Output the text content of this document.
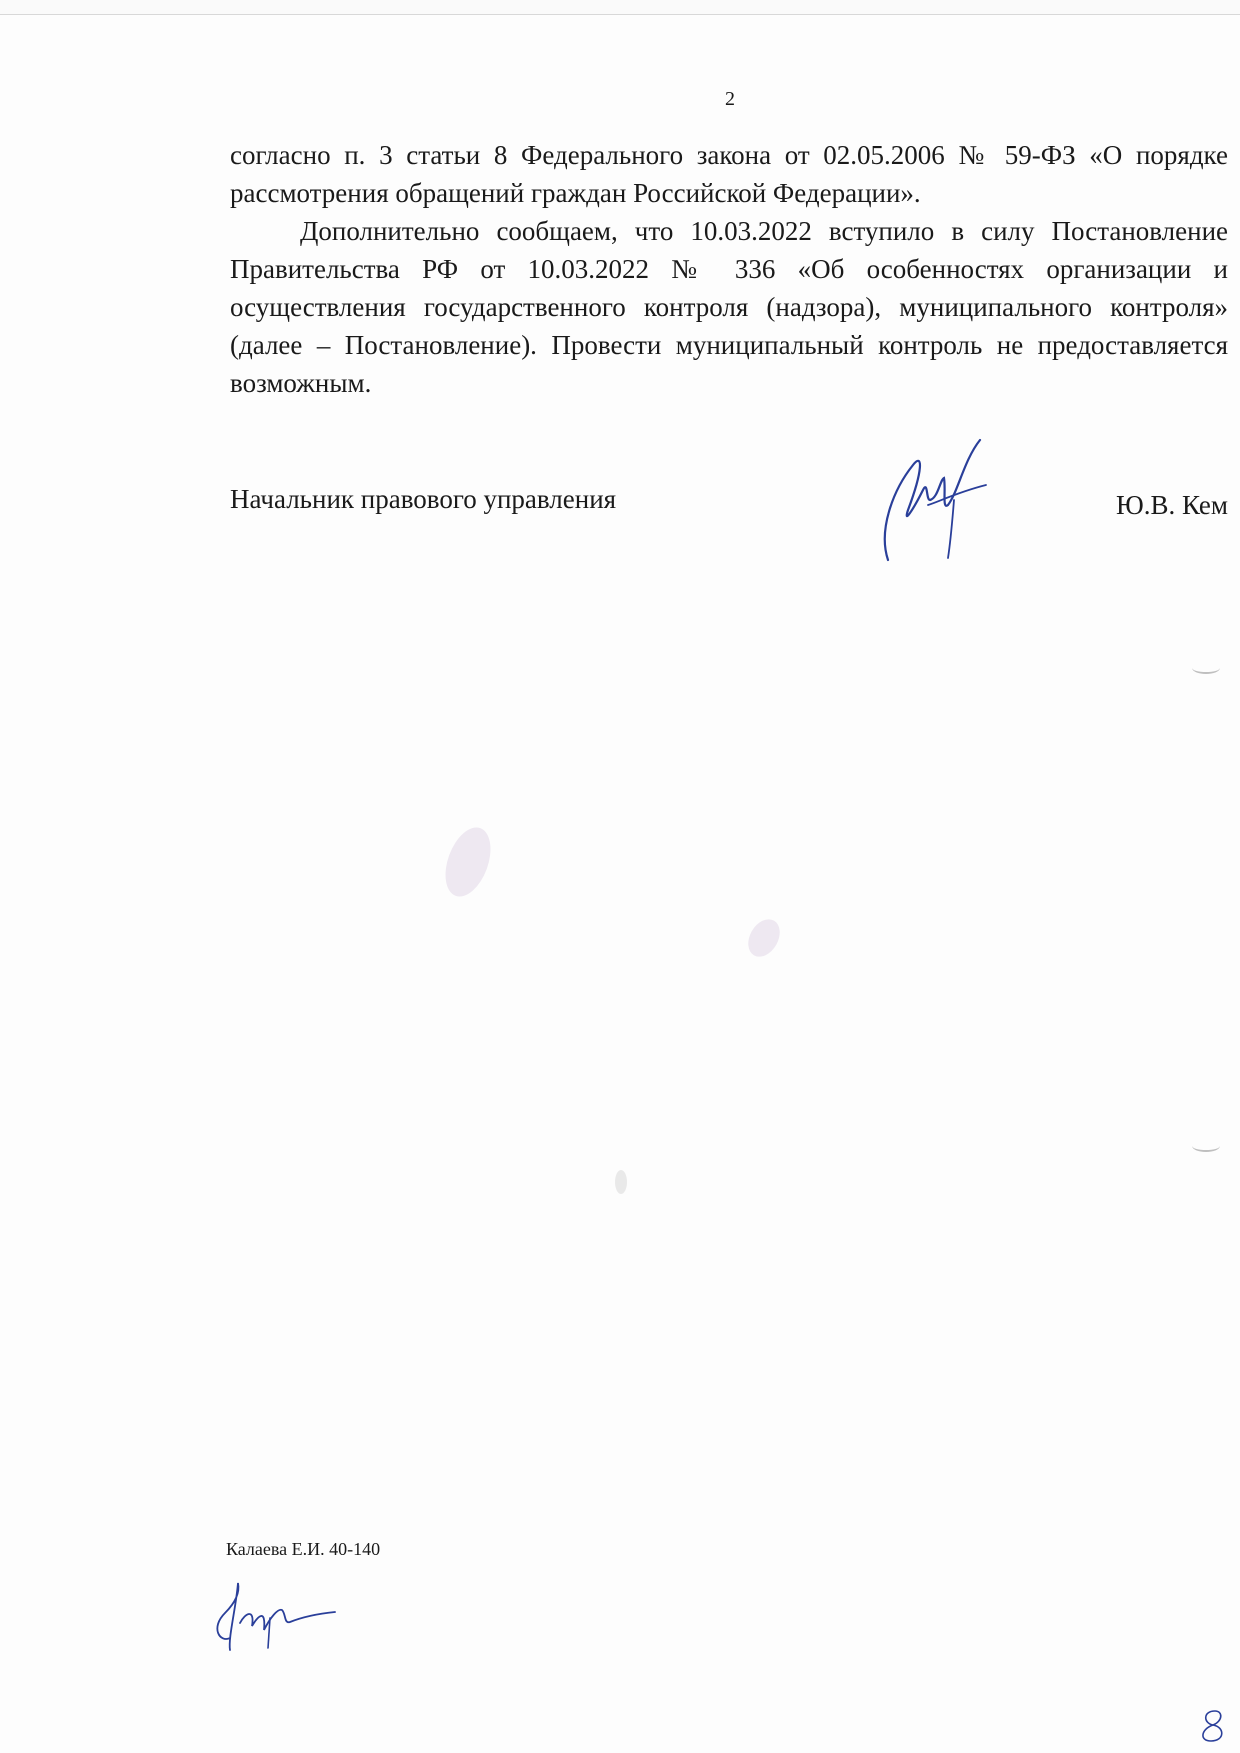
2

согласно п. 3 статьи 8 Федерального закона от 02.05.2006 № 59-ФЗ «О порядке рассмотрения обращений граждан Российской Федерации».

Дополнительно сообщаем, что 10.03.2022 вступило в силу Постановление Правительства РФ от 10.03.2022 № 336 «Об особенностях организации и осуществления государственного контроля (надзора), муниципального контроля» (далее – Постановление). Провести муниципальный контроль не предоставляется возможным.

Начальник правового управления	Ю.В. Кем
Калаева Е.И. 40-140
